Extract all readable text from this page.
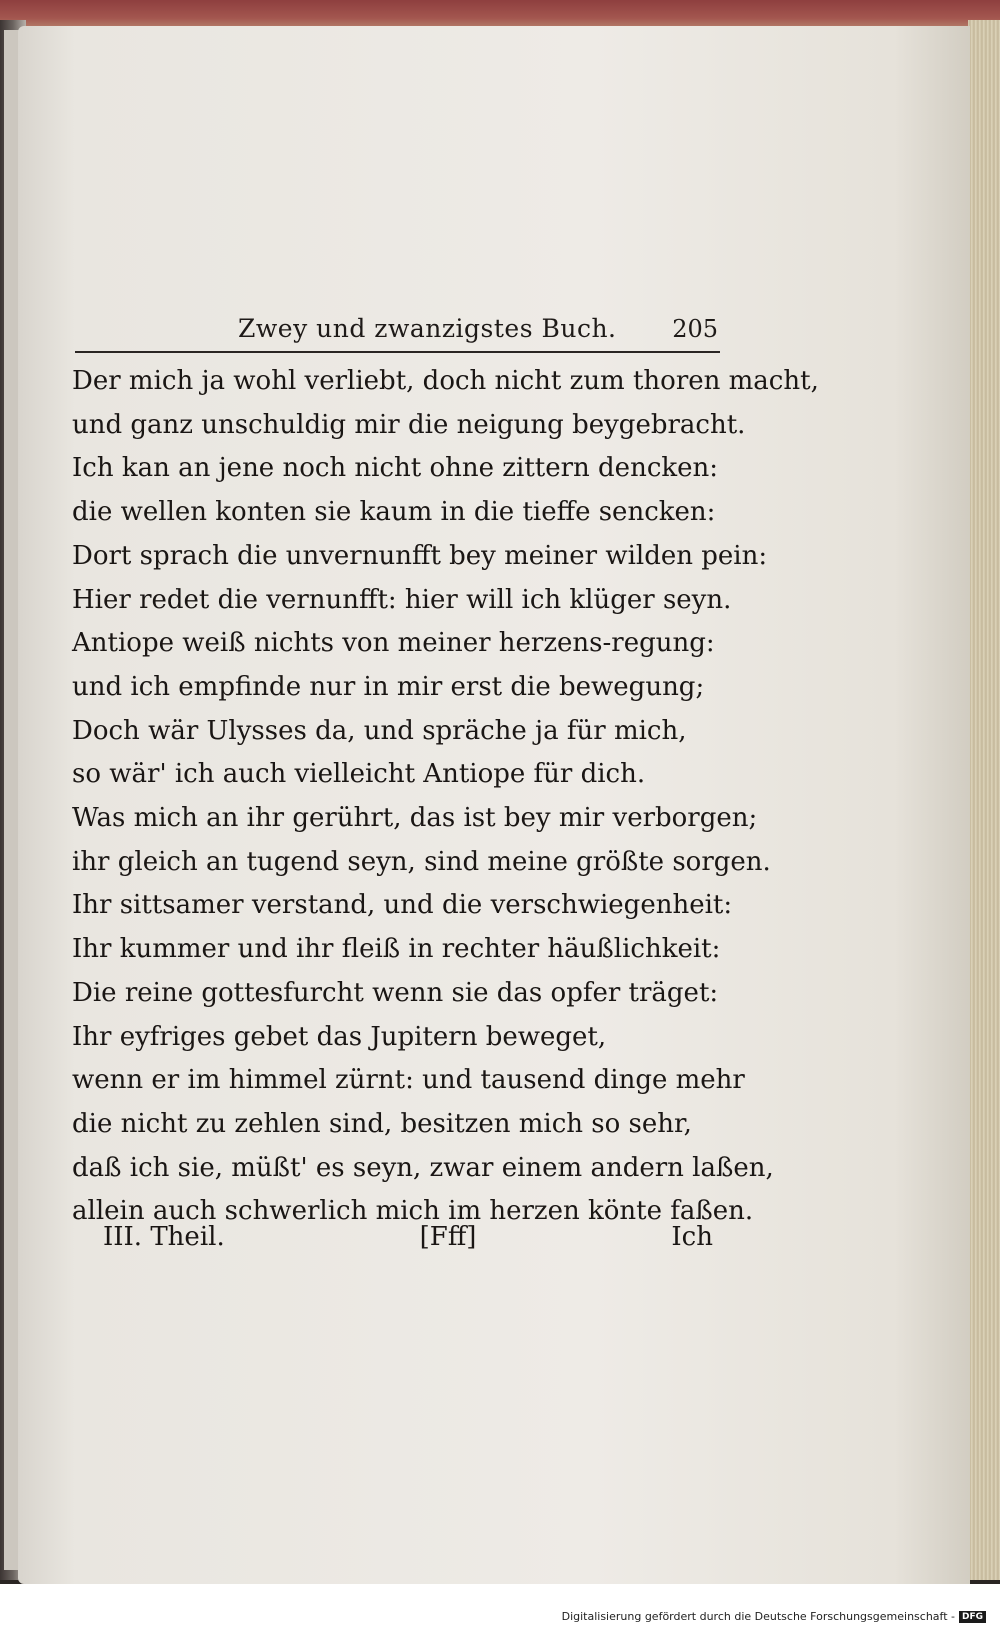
Zwey und zwanzigstes Buch. 205
Der mich ja wohl verliebt, doch nicht zum thoren macht,
und ganz unschuldig mir die neigung beygebracht.
Ich kan an jene noch nicht ohne zittern dencken:
die wellen konten sie kaum in die tieffe sencken:
Dort sprach die unvernunfft bey meiner wilden pein:
Hier redet die vernunfft: hier will ich klüger seyn.
Antiope weiß nichts von meiner herzens-regung:
und ich empfinde nur in mir erst die bewegung;
Doch wär Ulysses da, und spräche ja für mich,
so wär' ich auch vielleicht Antiope für dich.
Was mich an ihr gerührt, das ist bey mir verborgen;
ihr gleich an tugend seyn, sind meine größte sorgen.
Ihr sittsamer verstand, und die verschwiegenheit:
Ihr kummer und ihr fleiß in rechter häußlichkeit:
Die reine gottesfurcht wenn sie das opfer träget:
Ihr eyfriges gebet das Jupitern beweget,
wenn er im himmel zürnt: und tausend dinge mehr
die nicht zu zehlen sind, besitzen mich so sehr,
daß ich sie, müßt' es seyn, zwar einem andern laßen,
allein auch schwerlich mich im herzen könte faßen.
III. Theil.	[Fff]	Ich
Digitalisierung gefördert durch die Deutsche Forschungsgemeinschaft - DFG
